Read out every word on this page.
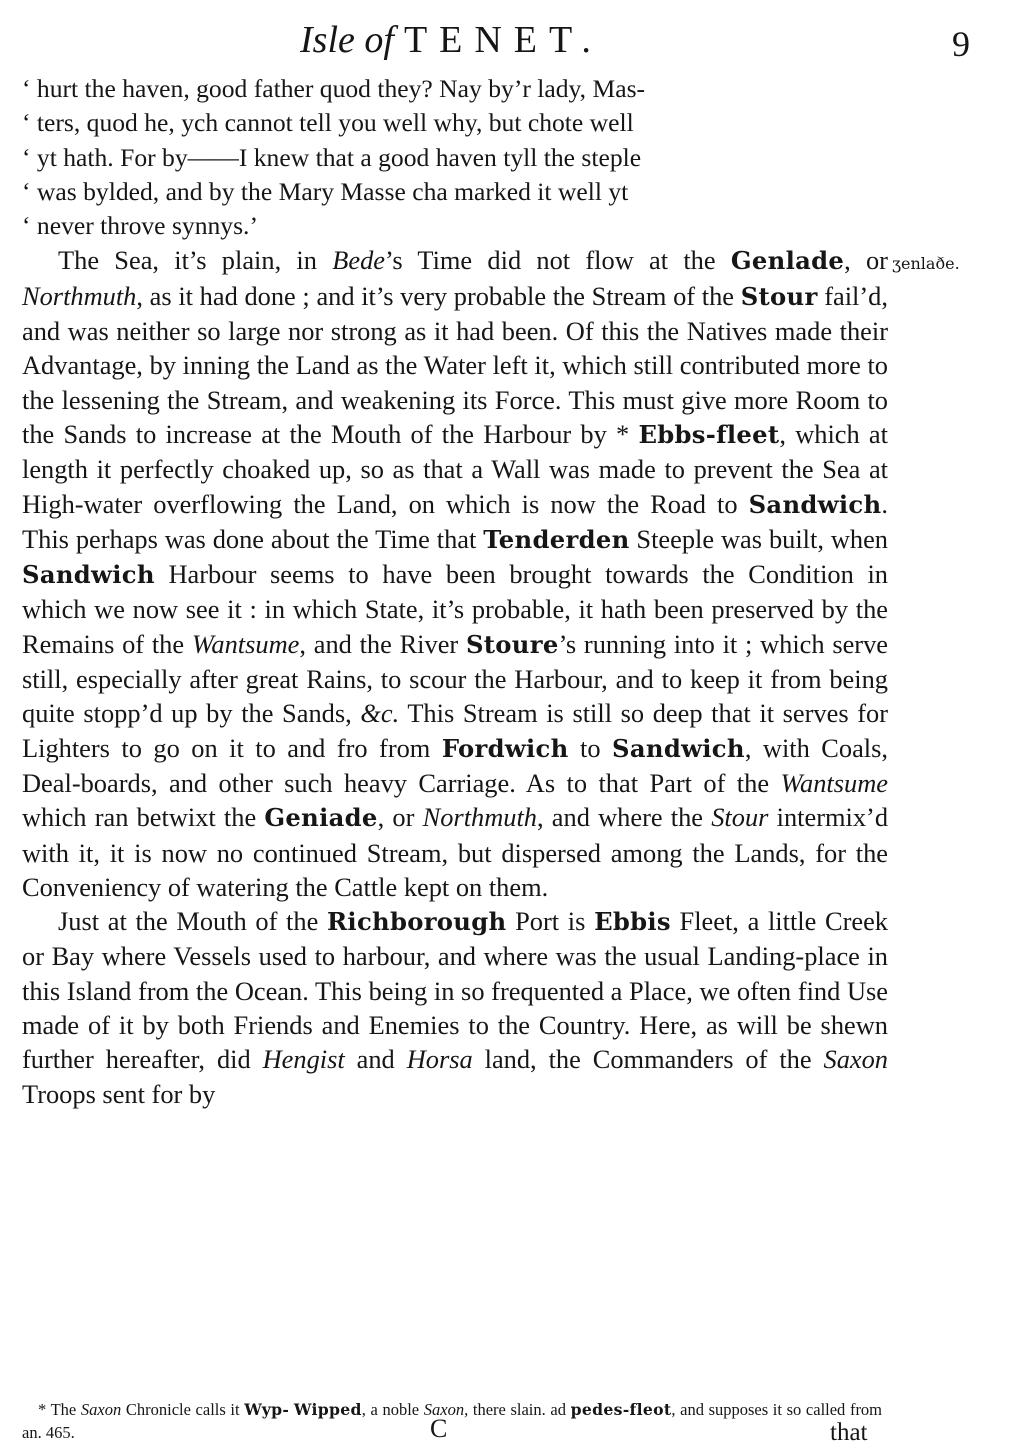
Isle of TENET.	9
ʒenlaðe.

‘ hurt the haven, good father quod they? Nay by’r lady, Mas-

‘ ters, quod he, ych cannot tell you well why, but chote well

‘ yt hath. For by——I knew that a good haven tyll the steple

‘ was bylded, and by the Mary Masse cha marked it well yt

‘ never throve synnys.’

The Sea, it’s plain, in Bede’s Time did not flow at the Genlade, or Northmuth, as it had done ; and it’s very probable the Stream of the Stour fail’d, and was neither so large nor strong as it had been. Of this the Natives made their Advantage, by inning the Land as the Water left it, which still contributed more to the lessening the Stream, and weakening its Force. This must give more Room to the Sands to increase at the Mouth of the Harbour by * Ebbs-fleet, which at length it perfectly choaked up, so as that a Wall was made to prevent the Sea at High-water overflowing the Land, on which is now the Road to Sandwich. This perhaps was done about the Time that Tenderden Steeple was built, when Sandwich Harbour seems to have been brought towards the Condition in which we now see it : in which State, it’s probable, it hath been preserved by the Remains of the Wantsume, and the River Stoure’s running into it ; which serve still, especially after great Rains, to scour the Harbour, and to keep it from being quite stopp’d up by the Sands, &c. This Stream is still so deep that it serves for Lighters to go on it to and fro from Fordwich to Sandwich, with Coals, Deal-boards, and other such heavy Carriage. As to that Part of the Wantsume which ran betwixt the Geniade, or Northmuth, and where the Stour intermix’d with it, it is now no continued Stream, but dispersed among the Lands, for the Conveniency of watering the Cattle kept on them.

Just at the Mouth of the Richborough Port is Ebbis Fleet, a little Creek or Bay where Vessels used to harbour, and where was the usual Landing-place in this Island from the Ocean. This being in so frequented a Place, we often find Use made of it by both Friends and Enemies to the Country. Here, as will be shewn further hereafter, did Hengist and Horsa land, the Commanders of the Saxon Troops sent for by

* The Saxon Chronicle calls it Wyp- Wipped, a noble Saxon, there slain. ad pedes-fleot, and supposes it so called from an. 465.	C	that
